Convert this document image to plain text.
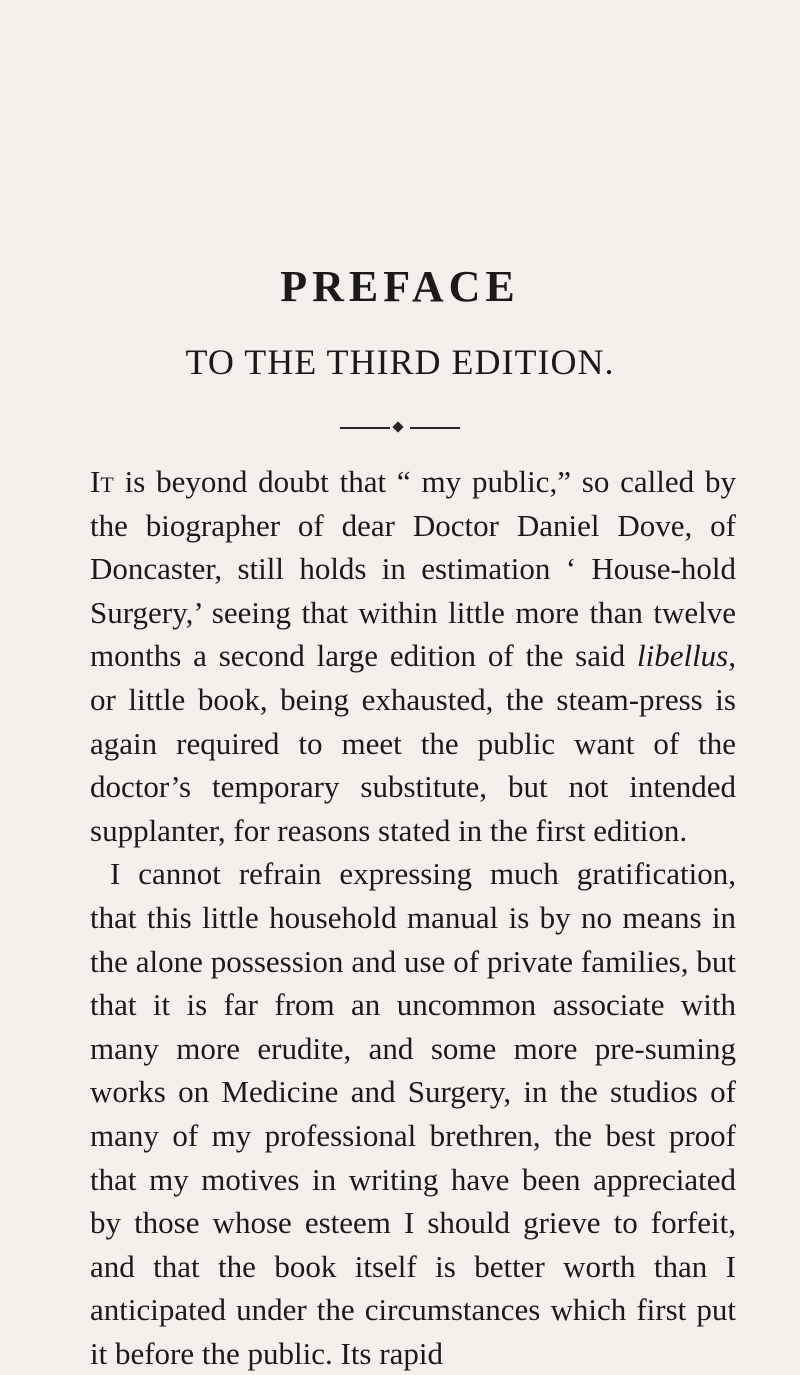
PREFACE
TO THE THIRD EDITION.

It is beyond doubt that “ my public,” so called by the biographer of dear Doctor Daniel Dove, of Doncaster, still holds in estimation ‘ House-hold Surgery,’ seeing that within little more than twelve months a second large edition of the said libellus, or little book, being exhausted, the steam-press is again required to meet the public want of the doctor’s temporary substitute, but not intended supplanter, for reasons stated in the first edition.

I cannot refrain expressing much gratification, that this little household manual is by no means in the alone possession and use of private families, but that it is far from an uncommon associate with many more erudite, and some more pre-suming works on Medicine and Surgery, in the studios of many of my professional brethren, the best proof that my motives in writing have been appreciated by those whose esteem I should grieve to forfeit, and that the book itself is better worth than I anticipated under the circumstances which first put it before the public. Its rapid
